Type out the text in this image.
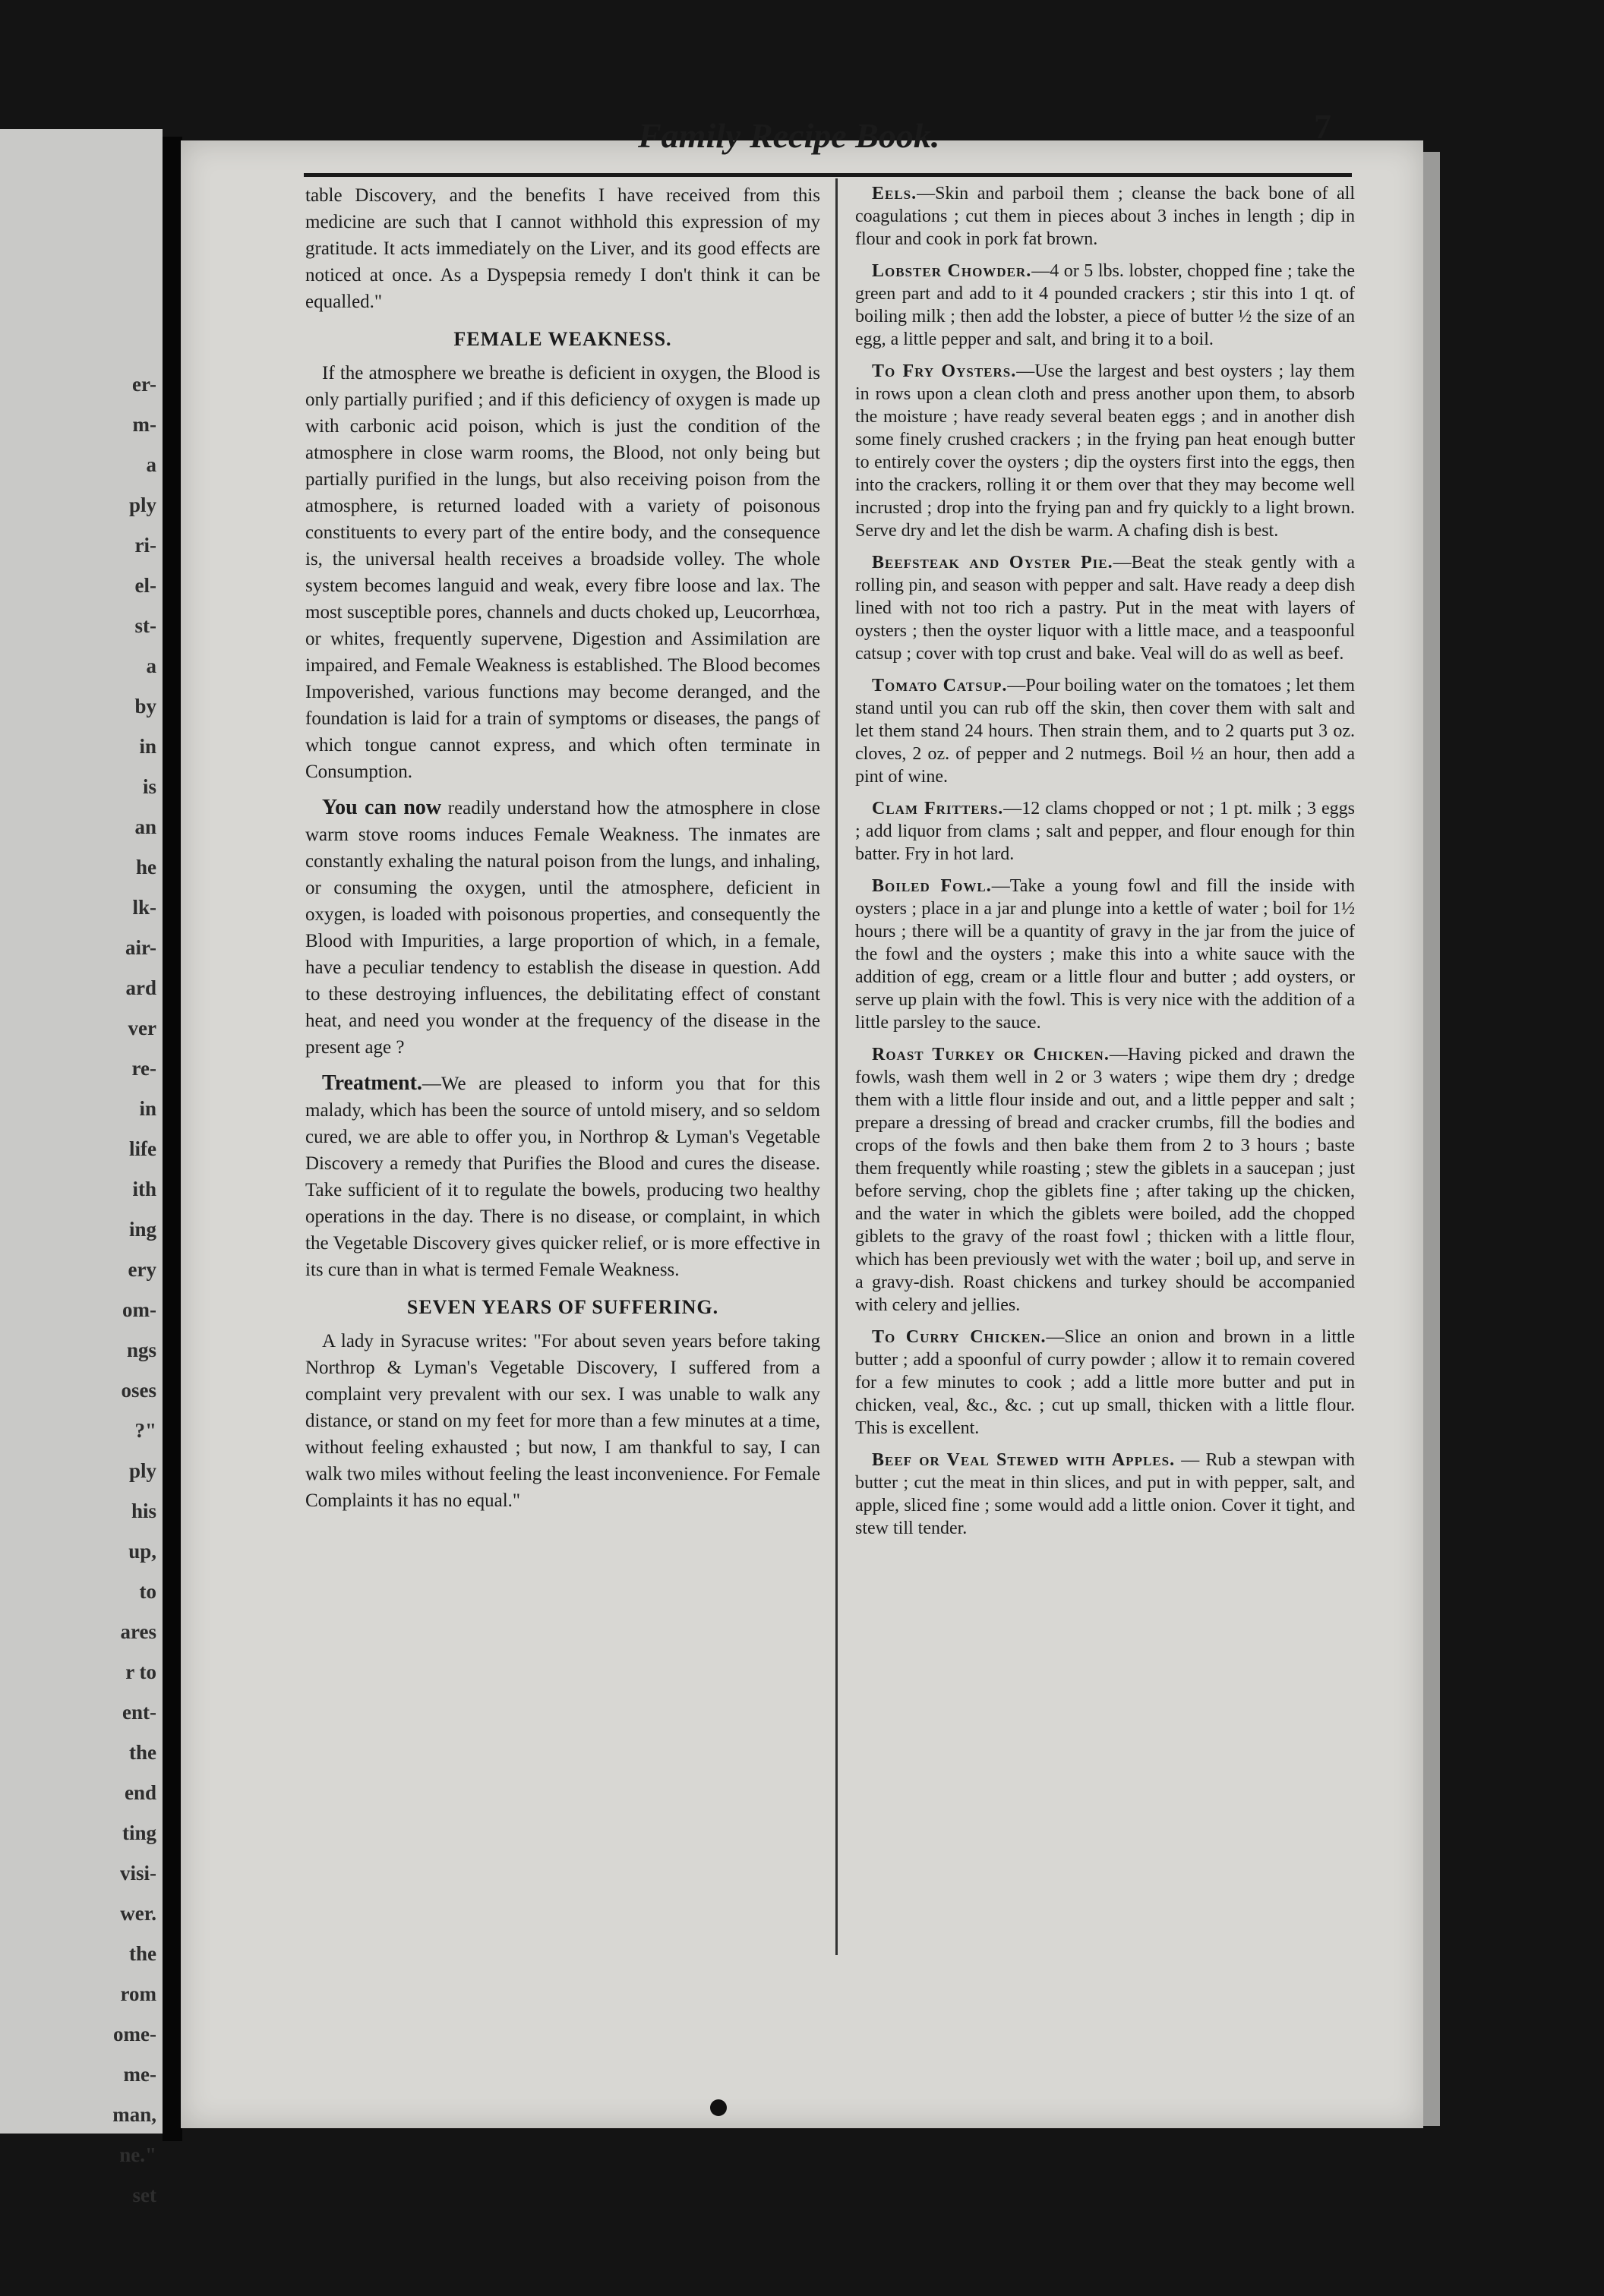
er-
m-
a
ply
ri-
el-
st-
a
by
in
is
an
he
lk-
air-
ard
ver
re-
in
life
ith
ing
ery
om-
ngs
oses
?"
ply
his
up,
to
ares
r to
ent-
the
end
ting
visi-
wer.
the
rom
ome-
me-
man,
ne."
set
Family Recipe Book.	7

table Discovery, and the benefits I have received from this medicine are such that I cannot withhold this expression of my gratitude. It acts immediately on the Liver, and its good effects are noticed at once. As a Dyspepsia remedy I don't think it can be equalled."

FEMALE WEAKNESS.

If the atmosphere we breathe is deficient in oxygen, the Blood is only partially purified ; and if this deficiency of oxygen is made up with carbonic acid poison, which is just the condition of the atmosphere in close warm rooms, the Blood, not only being but partially purified in the lungs, but also receiving poison from the atmosphere, is returned loaded with a variety of poisonous constituents to every part of the entire body, and the consequence is, the universal health receives a broadside volley. The whole system becomes languid and weak, every fibre loose and lax. The most susceptible pores, channels and ducts choked up, Leucorrhœa, or whites, frequently supervene, Digestion and Assimilation are impaired, and Female Weakness is established. The Blood becomes Impoverished, various functions may become deranged, and the foundation is laid for a train of symptoms or diseases, the pangs of which tongue cannot express, and which often terminate in Consumption.

You can now readily understand how the atmosphere in close warm stove rooms induces Female Weakness. The inmates are constantly exhaling the natural poison from the lungs, and inhaling, or consuming the oxygen, until the atmosphere, deficient in oxygen, is loaded with poisonous properties, and consequently the Blood with Impurities, a large proportion of which, in a female, have a peculiar tendency to establish the disease in question. Add to these destroying influences, the debilitating effect of constant heat, and need you wonder at the frequency of the disease in the present age ?

Treatment.—We are pleased to inform you that for this malady, which has been the source of untold misery, and so seldom cured, we are able to offer you, in Northrop & Lyman's Vegetable Discovery a remedy that Purifies the Blood and cures the disease. Take sufficient of it to regulate the bowels, producing two healthy operations in the day. There is no disease, or complaint, in which the Vegetable Discovery gives quicker relief, or is more effective in its cure than in what is termed Female Weakness.

SEVEN YEARS OF SUFFERING.

A lady in Syracuse writes: "For about seven years before taking Northrop & Lyman's Vegetable Discovery, I suffered from a complaint very prevalent with our sex. I was unable to walk any distance, or stand on my feet for more than a few minutes at a time, without feeling exhausted ; but now, I am thankful to say, I can walk two miles without feeling the least inconvenience. For Female Complaints it has no equal."

Eels.—Skin and parboil them ; cleanse the back bone of all coagulations ; cut them in pieces about 3 inches in length ; dip in flour and cook in pork fat brown.

Lobster Chowder.—4 or 5 lbs. lobster, chopped fine ; take the green part and add to it 4 pounded crackers ; stir this into 1 qt. of boiling milk ; then add the lobster, a piece of butter ½ the size of an egg, a little pepper and salt, and bring it to a boil.

To Fry Oysters.—Use the largest and best oysters ; lay them in rows upon a clean cloth and press another upon them, to absorb the moisture ; have ready several beaten eggs ; and in another dish some finely crushed crackers ; in the frying pan heat enough butter to entirely cover the oysters ; dip the oysters first into the eggs, then into the crackers, rolling it or them over that they may become well incrusted ; drop into the frying pan and fry quickly to a light brown. Serve dry and let the dish be warm. A chafing dish is best.

Beefsteak and Oyster Pie.—Beat the steak gently with a rolling pin, and season with pepper and salt. Have ready a deep dish lined with not too rich a pastry. Put in the meat with layers of oysters ; then the oyster liquor with a little mace, and a teaspoonful catsup ; cover with top crust and bake. Veal will do as well as beef.

Tomato Catsup.—Pour boiling water on the tomatoes ; let them stand until you can rub off the skin, then cover them with salt and let them stand 24 hours. Then strain them, and to 2 quarts put 3 oz. cloves, 2 oz. of pepper and 2 nutmegs. Boil ½ an hour, then add a pint of wine.

Clam Fritters.—12 clams chopped or not ; 1 pt. milk ; 3 eggs ; add liquor from clams ; salt and pepper, and flour enough for thin batter. Fry in hot lard.

Boiled Fowl.—Take a young fowl and fill the inside with oysters ; place in a jar and plunge into a kettle of water ; boil for 1½ hours ; there will be a quantity of gravy in the jar from the juice of the fowl and the oysters ; make this into a white sauce with the addition of egg, cream or a little flour and butter ; add oysters, or serve up plain with the fowl. This is very nice with the addition of a little parsley to the sauce.

Roast Turkey or Chicken.—Having picked and drawn the fowls, wash them well in 2 or 3 waters ; wipe them dry ; dredge them with a little flour inside and out, and a little pepper and salt ; prepare a dressing of bread and cracker crumbs, fill the bodies and crops of the fowls and then bake them from 2 to 3 hours ; baste them frequently while roasting ; stew the giblets in a saucepan ; just before serving, chop the giblets fine ; after taking up the chicken, and the water in which the giblets were boiled, add the chopped giblets to the gravy of the roast fowl ; thicken with a little flour, which has been previously wet with the water ; boil up, and serve in a gravy-dish. Roast chickens and turkey should be accompanied with celery and jellies.

To Curry Chicken.—Slice an onion and brown in a little butter ; add a spoonful of curry powder ; allow it to remain covered for a few minutes to cook ; add a little more butter and put in chicken, veal, &c., &c. ; cut up small, thicken with a little flour. This is excellent.

Beef or Veal Stewed with Apples. — Rub a stewpan with butter ; cut the meat in thin slices, and put in with pepper, salt, and apple, sliced fine ; some would add a little onion. Cover it tight, and stew till tender.
